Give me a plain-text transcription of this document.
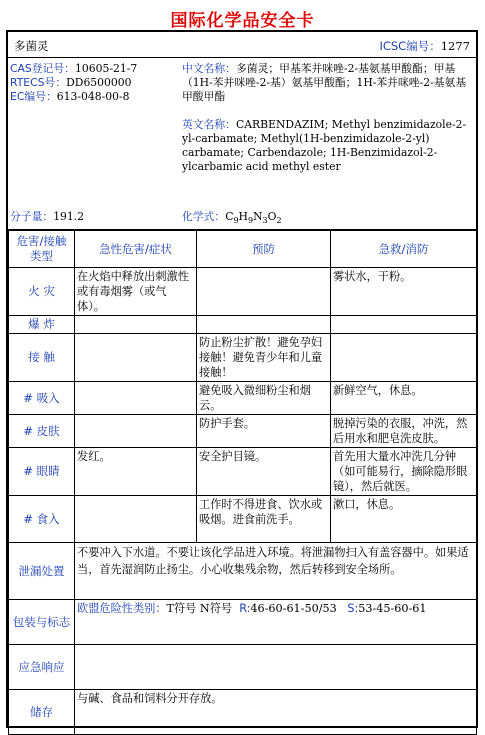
国际化学品安全卡
多菌灵	ICSC编号：1277
CAS登记号：10605-21-7
RTECS号：DD6500000
EC编号：613-048-00-8
中文名称：多菌灵；甲基苯并咪唑-2-基氨基甲酸酯；甲基（1H-苯并咪唑-2-基）氨基甲酸酯；1H-苯并咪唑-2-基氨基甲酸甲酯
英文名称：CARBENDAZIM; Methyl benzimidazole-2-yl-carbamate; Methyl(1H-benzimidazole-2-yl) carbamate; Carbendazole; 1H-Benzimidazol-2-ylcarbamic acid methyl ester
分子量：191.2	化学式：$C_9H_9N_3O_2$
危害/接触类型	急性危害/症状	预防	急救/消防
火 灾	在火焰中释放出刺激性或有毒烟雾（或气体）。		雾状水，干粉。
爆 炸			
接 触		防止粉尘扩散！避免孕妇接触！避免青少年和儿童接触！	
# 吸入		避免吸入微细粉尘和烟云。	新鲜空气，休息。
# 皮肤		防护手套。	脱掉污染的衣服，冲洗，然后用水和肥皂洗皮肤。
# 眼睛	发红。	安全护目镜。	首先用大量水冲洗几分钟（如可能易行，摘除隐形眼镜），然后就医。
# 食入		工作时不得进食、饮水或吸烟。进食前洗手。	漱口，休息。
泄漏处置	不要冲入下水道。不要让该化学品进入环境。将泄漏物扫入有盖容器中。如果适当，首先湿润防止扬尘。小心收集残余物，然后转移到安全场所。		
包装与标志	欧盟危险性类别：T符号 N符号 R:46-60-61-50/53 S:53-45-60-61		
应急响应			
储存	与碱、食品和饲料分开存放。		
